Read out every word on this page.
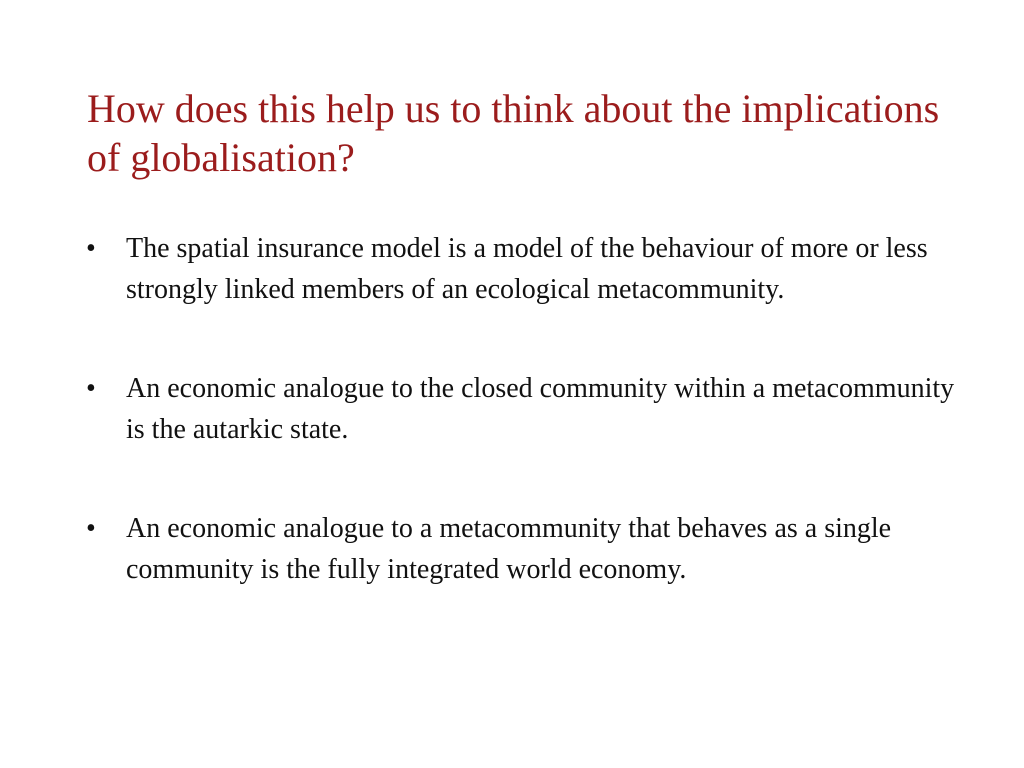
How does this help us to think about the implications of globalisation?
•	The spatial insurance model is a model of the behaviour of more or less strongly linked members of an ecological metacommunity.
•	An economic analogue to the closed community within a metacommunity is the autarkic state.
•	An economic analogue to a metacommunity that behaves as a single community is the fully integrated world economy.
